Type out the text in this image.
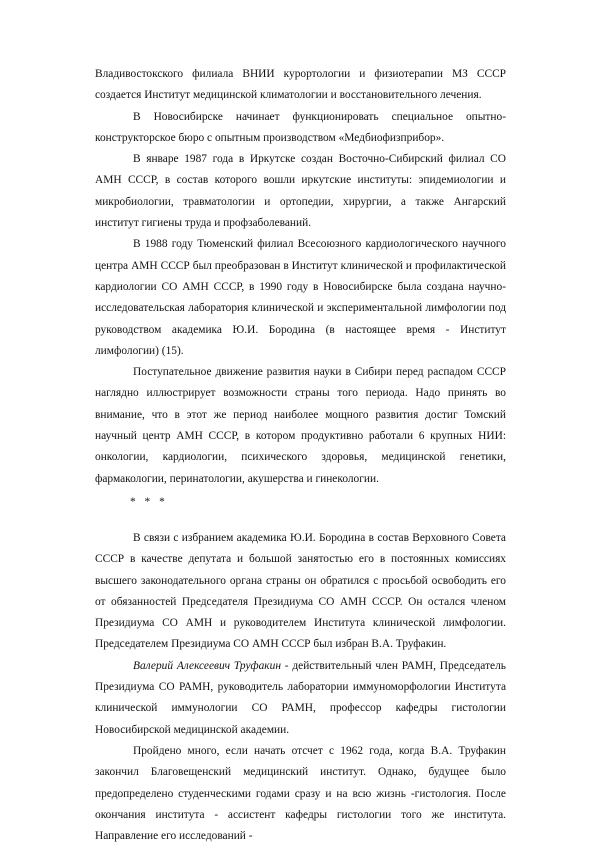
Владивостокского филиала ВНИИ курортологии и физиотерапии МЗ СССР создается Институт медицинской климатологии и восстановительного лечения.

В Новосибирске начинает функционировать специальное опытно-конструкторское бюро с опытным производством «Медбиофизприбор».

В январе 1987 года в Иркутске создан Восточно-Сибирский филиал СО АМН СССР, в состав которого вошли иркутские институты: эпидемиологии и микробиологии, травматологии и ортопедии, хирургии, а также Ангарский институт гигиены труда и профзаболеваний.

В 1988 году Тюменский филиал Всесоюзного кардиологического научного центра АМН СССР был преобразован в Институт клинической и профилактической кардиологии СО АМН СССР, в 1990 году в Новосибирске была создана научно-исследовательская лаборатория клинической и экспериментальной лимфологии под руководством академика Ю.И. Бородина (в настоящее время - Институт лимфологии) (15).

Поступательное движение развития науки в Сибири перед распадом СССР наглядно иллюстрирует возможности страны того периода. Надо принять во внимание, что в этот же период наиболее мощного развития достиг Томский научный центр АМН СССР, в котором продуктивно работали 6 крупных НИИ: онкологии, кардиологии, психического здоровья, медицинской генетики, фармакологии, перинатологии, акушерства и гинекологии.

* * *

В связи с избранием академика Ю.И. Бородина в состав Верховного Совета СССР в качестве депутата и большой занятостью его в постоянных комиссиях высшего законодательного органа страны он обратился с просьбой освободить его от обязанностей Председателя Президиума СО АМН СССР. Он остался членом Президиума СО АМН и руководителем Института клинической лимфологии. Председателем Президиума СО АМН СССР был избран В.А. Труфакин.

Валерий Алексеевич Труфакин - действительный член РАМН, Председатель Президиума СО РАМН, руководитель лаборатории иммуноморфологии Института клинической иммунологии СО РАМН, профессор кафедры гистологии Новосибирской медицинской академии.

Пройдено много, если начать отсчет с 1962 года, когда В.А. Труфакин закончил Благовещенский медицинский институт. Однако, будущее было предопределено студенческими годами сразу и на всю жизнь -гистология. После окончания института - ассистент кафедры гистологии того же института. Направление его исследований -
